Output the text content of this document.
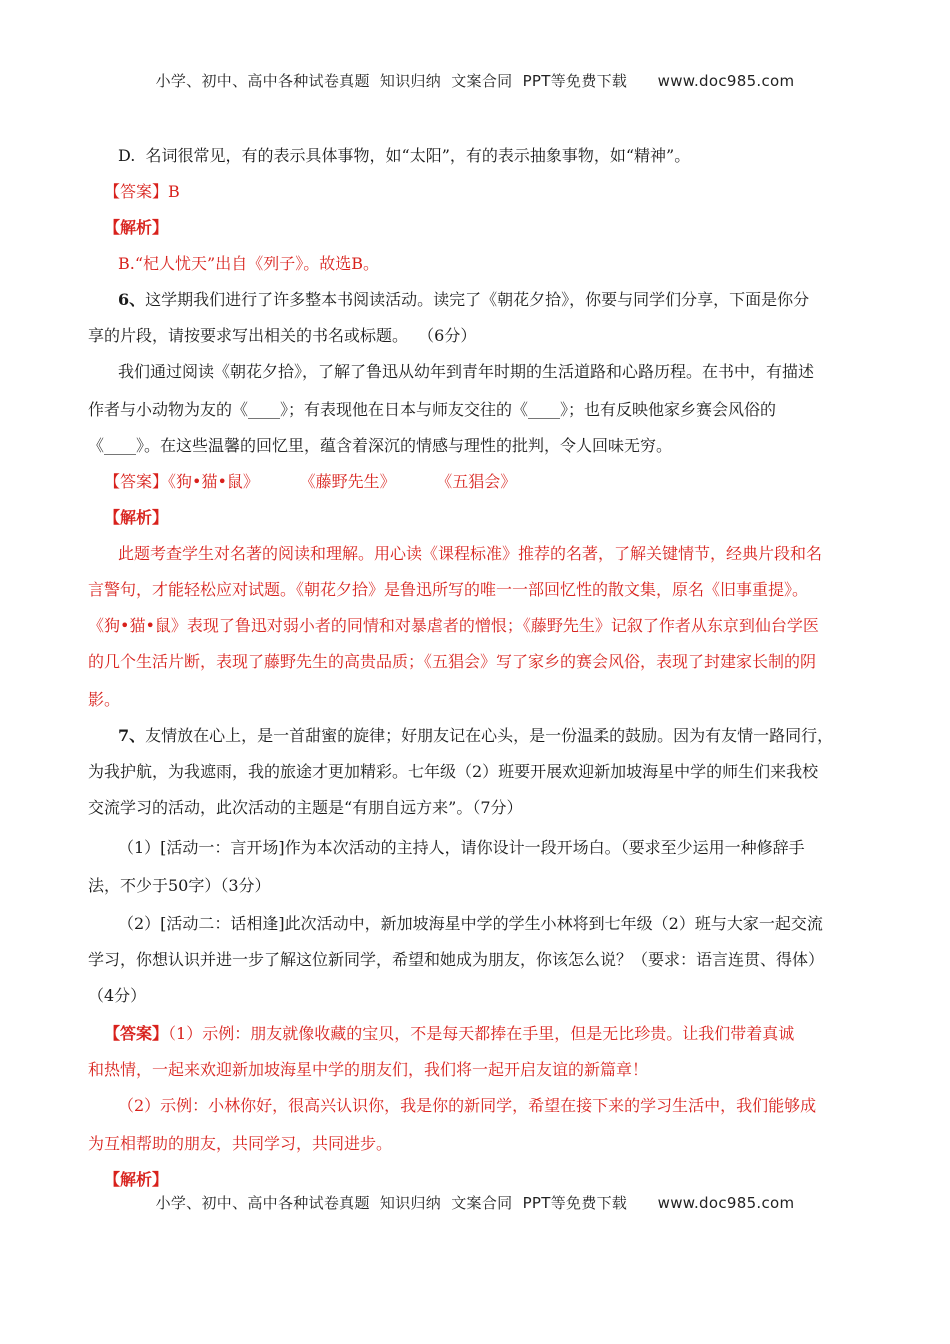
小学、初中、高中各种试卷真题  知识归纳  文案合同  PPT等免费下载      www.doc985.com
D.  名词很常见，有的表示具体事物，如“太阳”，有的表示抽象事物，如“精神”。
【答案】B
【解析】
B.“杞人忧天”出自《列子》。故选B。
6、这学期我们进行了许多整本书阅读活动。读完了《朝花夕拾》，你要与同学们分享，下面是你分
享的片段，请按要求写出相关的书名或标题。  （6分）
我们通过阅读《朝花夕拾》，了解了鲁迅从幼年到青年时期的生活道路和心路历程。在书中，有描述
作者与小动物为友的《____》；有表现他在日本与师友交往的《____》；也有反映他家乡赛会风俗的
《____》。在这些温馨的回忆里，蕴含着深沉的情感与理性的批判，令人回味无穷。
【答案】《狗•猫•鼠》        《藤野先生》        《五猖会》
【解析】
此题考查学生对名著的阅读和理解。用心读《课程标准》推荐的名著，了解关键情节，经典片段和名
言警句，才能轻松应对试题。《朝花夕拾》是鲁迅所写的唯一一部回忆性的散文集，原名《旧事重提》。
《狗•猫•鼠》表现了鲁迅对弱小者的同情和对暴虐者的憎恨；《藤野先生》记叙了作者从东京到仙台学医
的几个生活片断，表现了藤野先生的高贵品质；《五猖会》写了家乡的赛会风俗，表现了封建家长制的阴
影。
7、友情放在心上，是一首甜蜜的旋律；好朋友记在心头，是一份温柔的鼓励。因为有友情一路同行，
为我护航，为我遮雨，我的旅途才更加精彩。七年级（2）班要开展欢迎新加坡海星中学的师生们来我校
交流学习的活动，此次活动的主题是“有朋自远方来”。（7分）
（1）[活动一：言开场]作为本次活动的主持人，请你设计一段开场白。（要求至少运用一种修辞手
法，不少于50字）（3分）
（2）[活动二：话相逢]此次活动中，新加坡海星中学的学生小林将到七年级（2）班与大家一起交流
学习，你想认识并进一步了解这位新同学，希望和她成为朋友，你该怎么说？（要求：语言连贯、得体）
（4分）
【答案】（1）示例：朋友就像收藏的宝贝，不是每天都捧在手里，但是无比珍贵。让我们带着真诚
和热情，一起来欢迎新加坡海星中学的朋友们，我们将一起开启友谊的新篇章！
（2）示例：小林你好，很高兴认识你，我是你的新同学，希望在接下来的学习生活中，我们能够成
为互相帮助的朋友，共同学习，共同进步。
【解析】
小学、初中、高中各种试卷真题  知识归纳  文案合同  PPT等免费下载      www.doc985.com
